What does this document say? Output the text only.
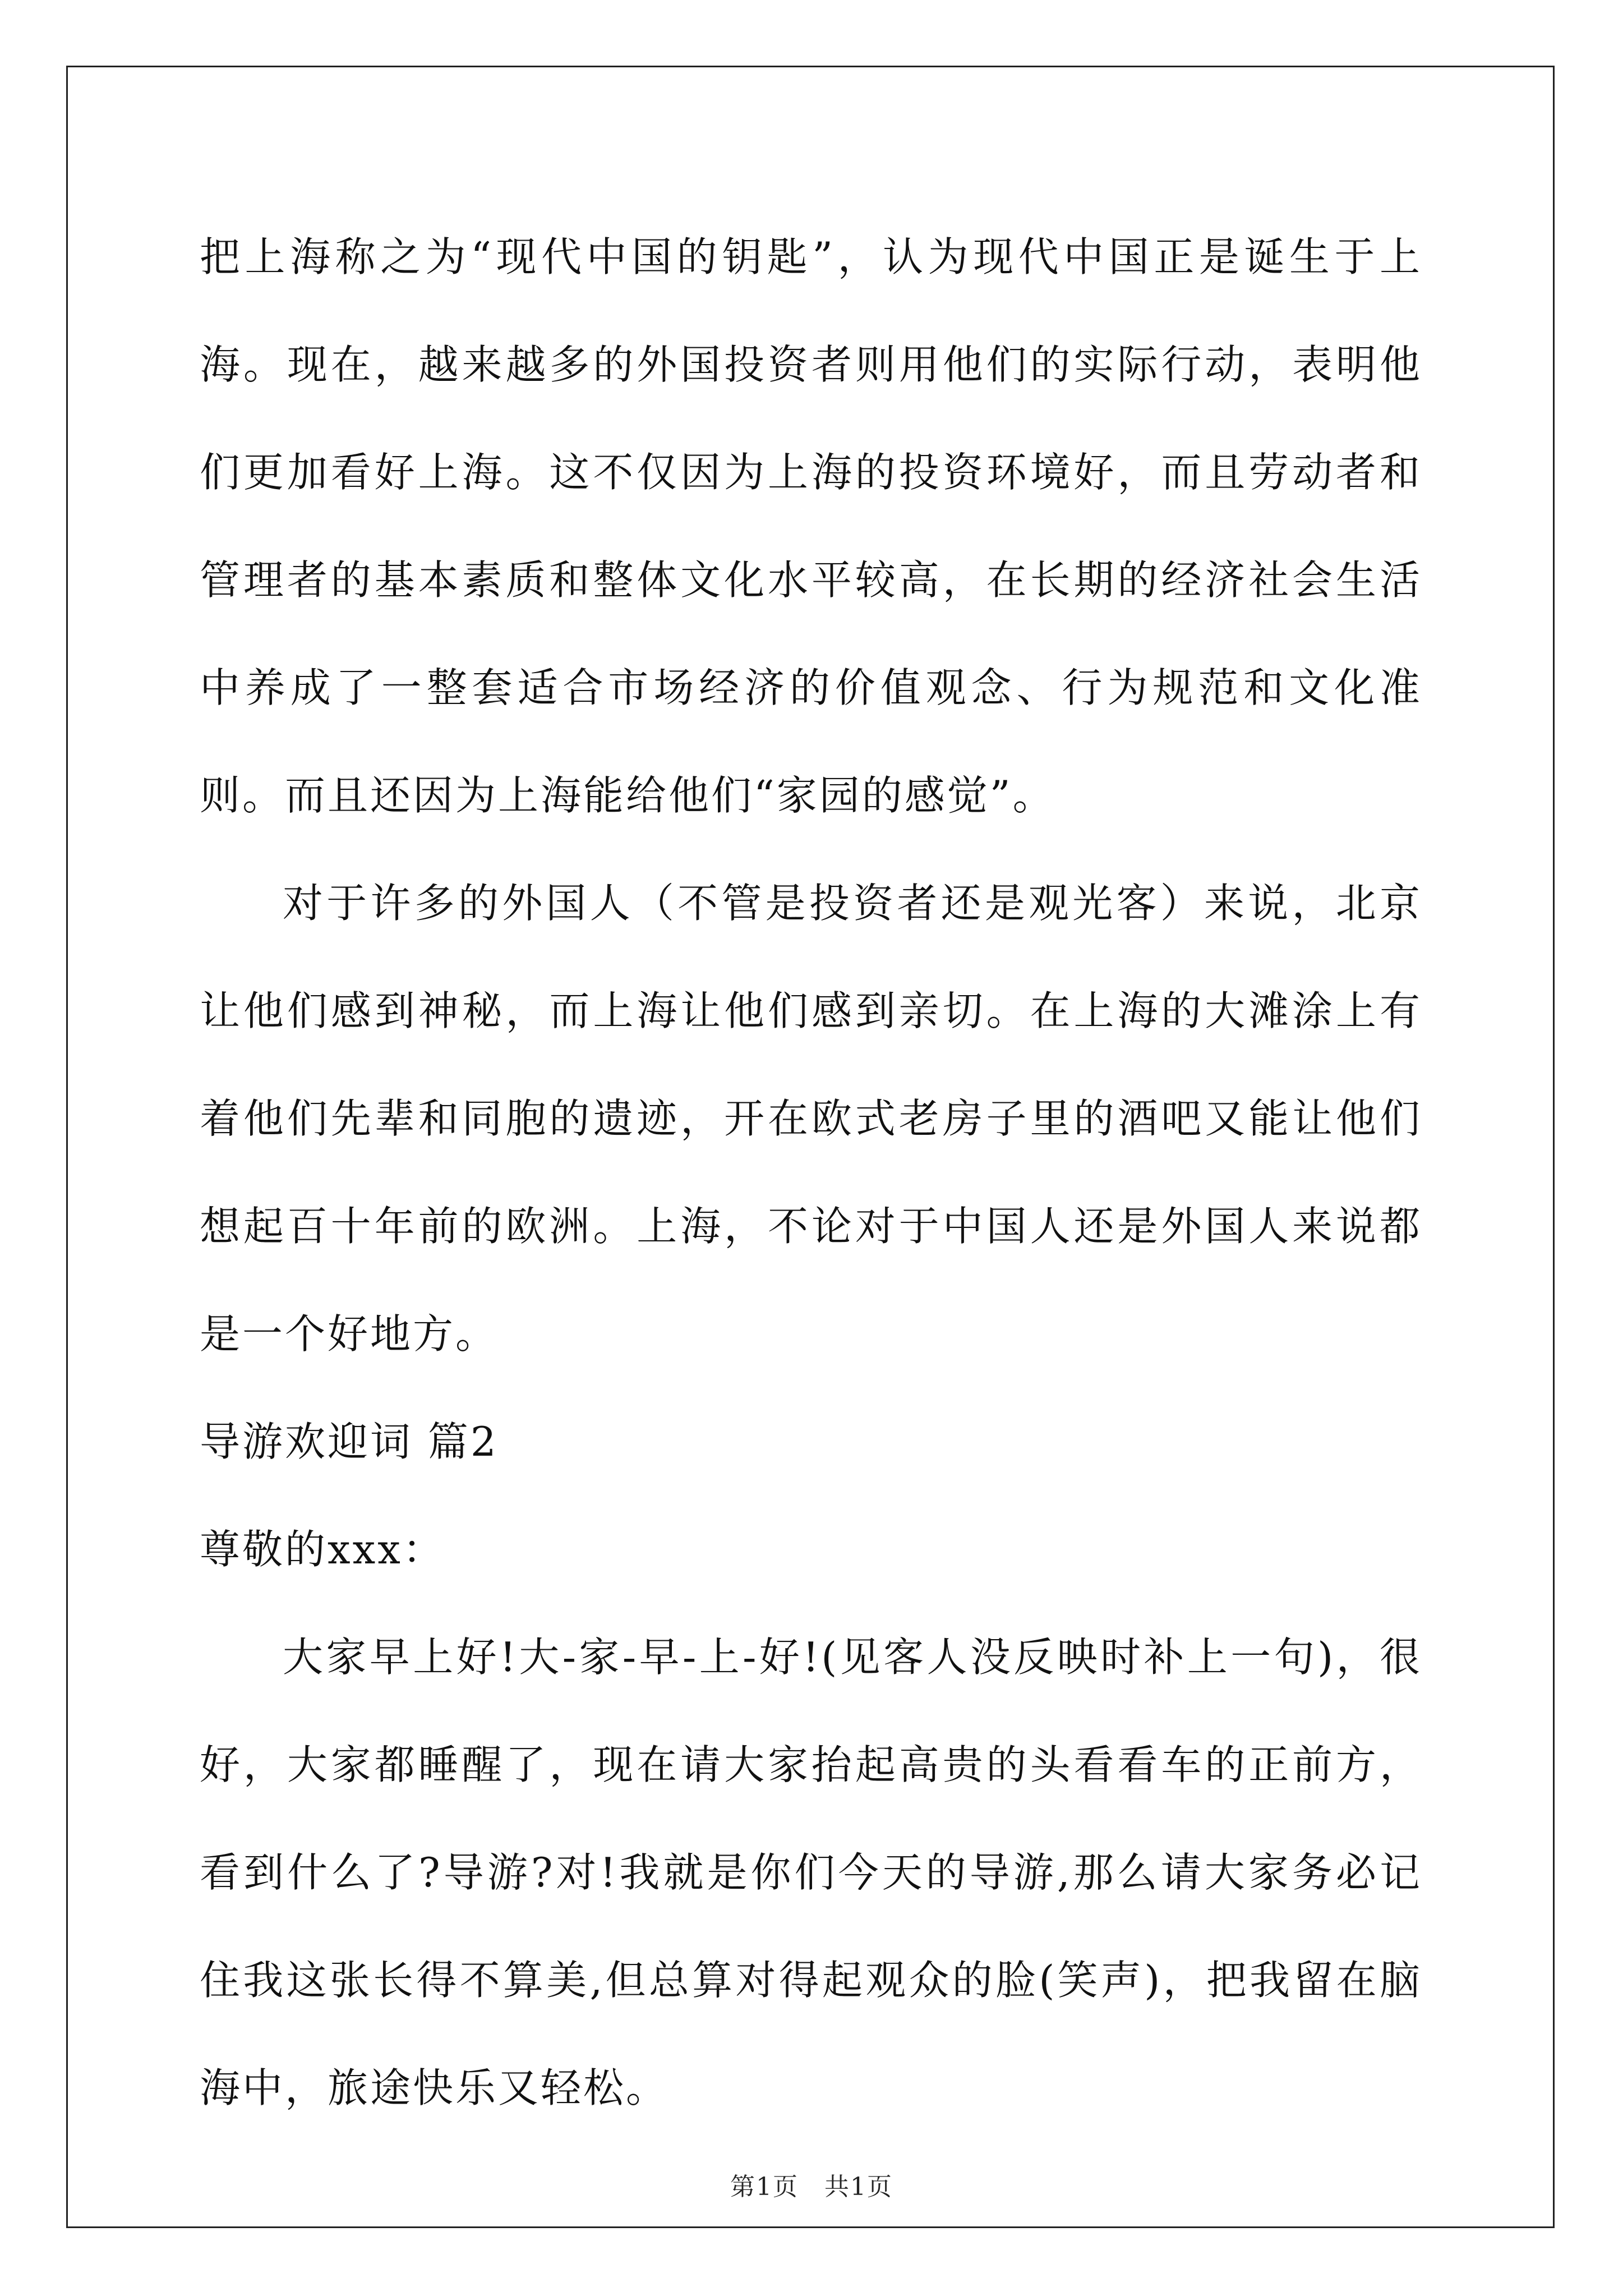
把上海称之为“现代中国的钥匙”，认为现代中国正是诞生于上海。现在，越来越多的外国投资者则用他们的实际行动，表明他们更加看好上海。这不仅因为上海的投资环境好，而且劳动者和管理者的基本素质和整体文化水平较高，在长期的经济社会生活中养成了一整套适合市场经济的价值观念、行为规范和文化准则。而且还因为上海能给他们“家园的感觉”。

对于许多的外国人（不管是投资者还是观光客）来说，北京让他们感到神秘，而上海让他们感到亲切。在上海的大滩涂上有着他们先辈和同胞的遗迹，开在欧式老房子里的酒吧又能让他们想起百十年前的欧洲。上海，不论对于中国人还是外国人来说都是一个好地方。

导游欢迎词 篇2

尊敬的xxx：

大家早上好!大-家-早-上-好!(见客人没反映时补上一句)，很好，大家都睡醒了，现在请大家抬起高贵的头看看车的正前方，看到什么了?导游?对!我就是你们今天的导游,那么请大家务必记住我这张长得不算美,但总算对得起观众的脸(笑声)，把我留在脑海中，旅途快乐又轻松。

第1页　共1页
